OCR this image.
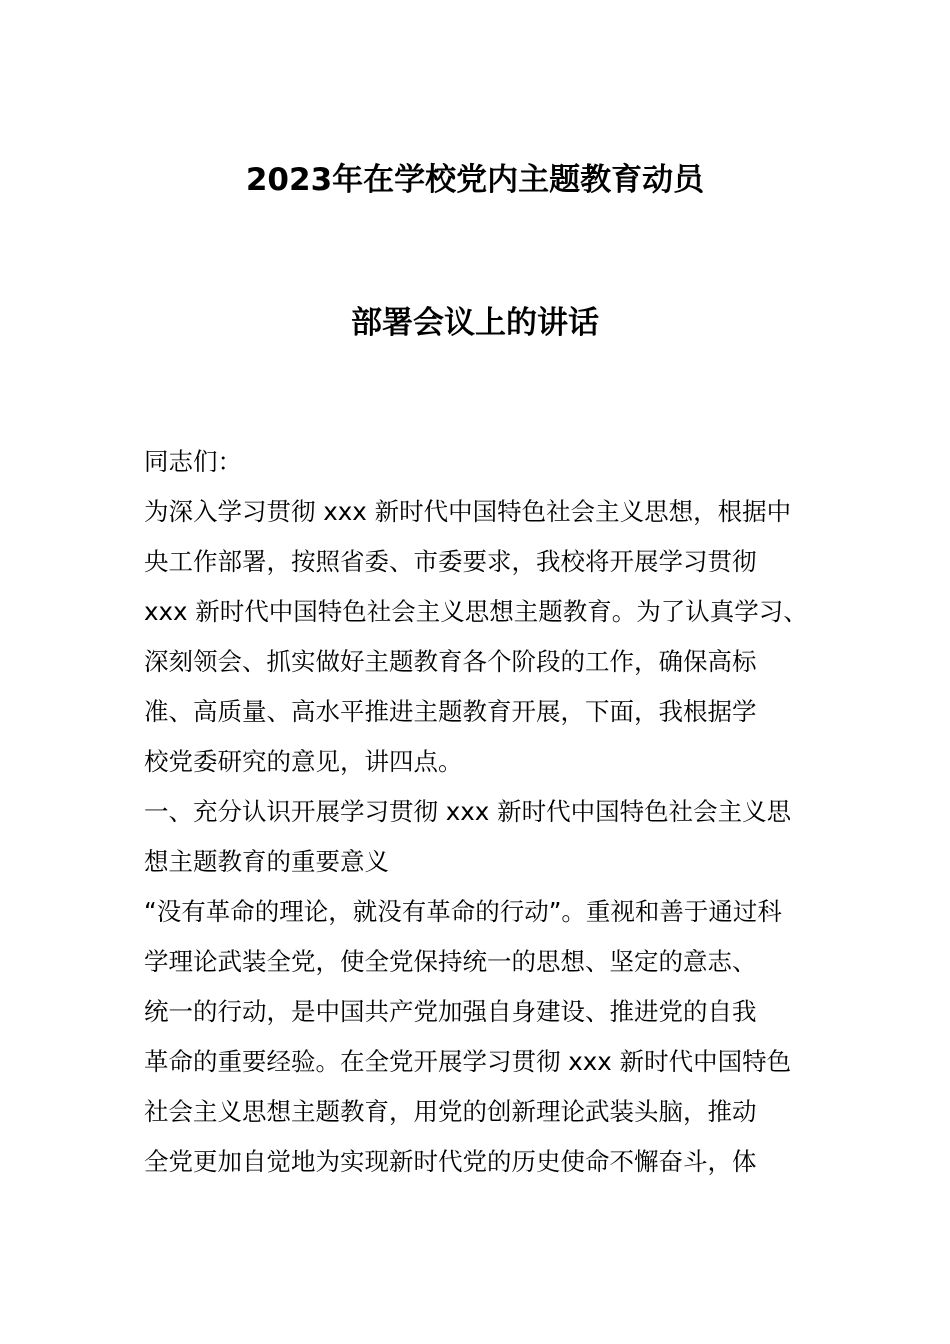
2023年在学校党内主题教育动员
部署会议上的讲话
同志们：
为深入学习贯彻 xxx 新时代中国特色社会主义思想，根据中
央工作部署，按照省委、市委要求，我校将开展学习贯彻
xxx 新时代中国特色社会主义思想主题教育。为了认真学习、
深刻领会、抓实做好主题教育各个阶段的工作，确保高标
准、高质量、高水平推进主题教育开展，下面，我根据学
校党委研究的意见，讲四点。
一、充分认识开展学习贯彻 xxx 新时代中国特色社会主义思
想主题教育的重要意义
“没有革命的理论，就没有革命的行动”。重视和善于通过科
学理论武装全党，使全党保持统一的思想、坚定的意志、
统一的行动，是中国共产党加强自身建设、推进党的自我
革命的重要经验。在全党开展学习贯彻 xxx 新时代中国特色
社会主义思想主题教育，用党的创新理论武装头脑，推动
全党更加自觉地为实现新时代党的历史使命不懈奋斗，体
